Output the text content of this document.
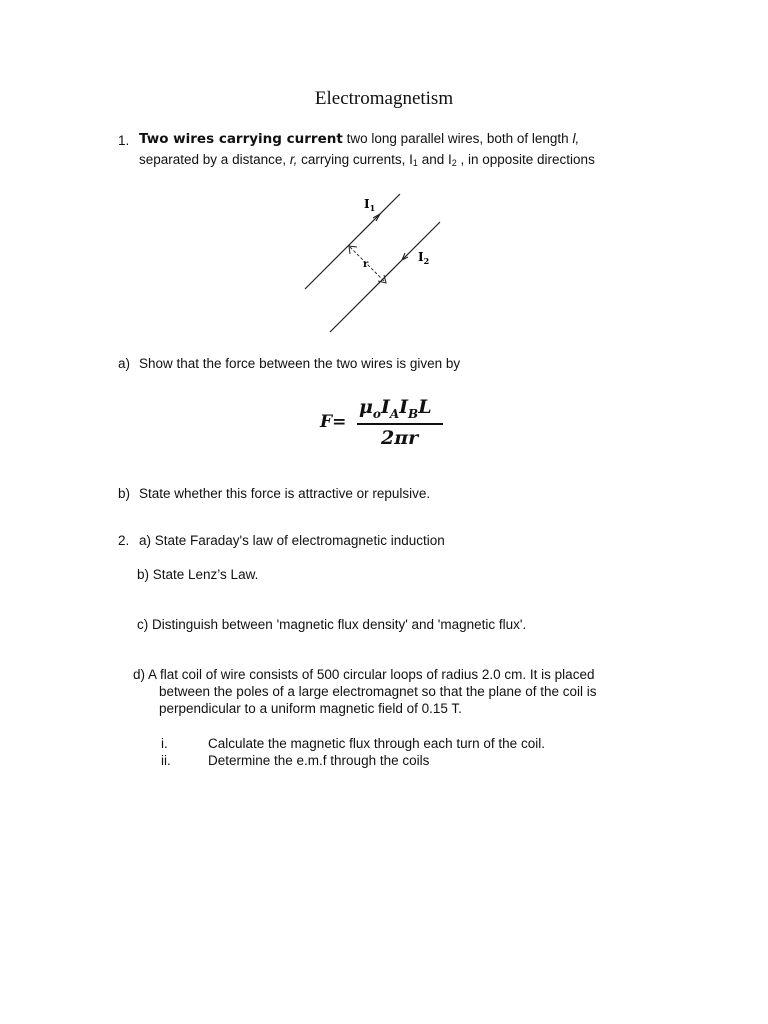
Electromagnetism
1. Two wires carrying current two long parallel wires, both of length l,
separated by a distance, r, carrying currents, $I_1$ and $I_2$ , in opposite directions
$I_1$
$I_2$
r
a) Show that the force between the two wires is given by
F=
$\mu_oI_AI_BL$
2πr
b) State whether this force is attractive or repulsive.
2. a) State Faraday's law of electromagnetic induction
b) State Lenz’s Law.
c) Distinguish between 'magnetic flux density' and 'magnetic flux'.
d) A flat coil of wire consists of 500 circular loops of radius 2.0 cm. It is placed
between the poles of a large electromagnet so that the plane of the coil is
perpendicular to a uniform magnetic field of 0.15 T.
i.	Calculate the magnetic flux through each turn of the coil.
ii.	Determine the e.m.f through the coils
